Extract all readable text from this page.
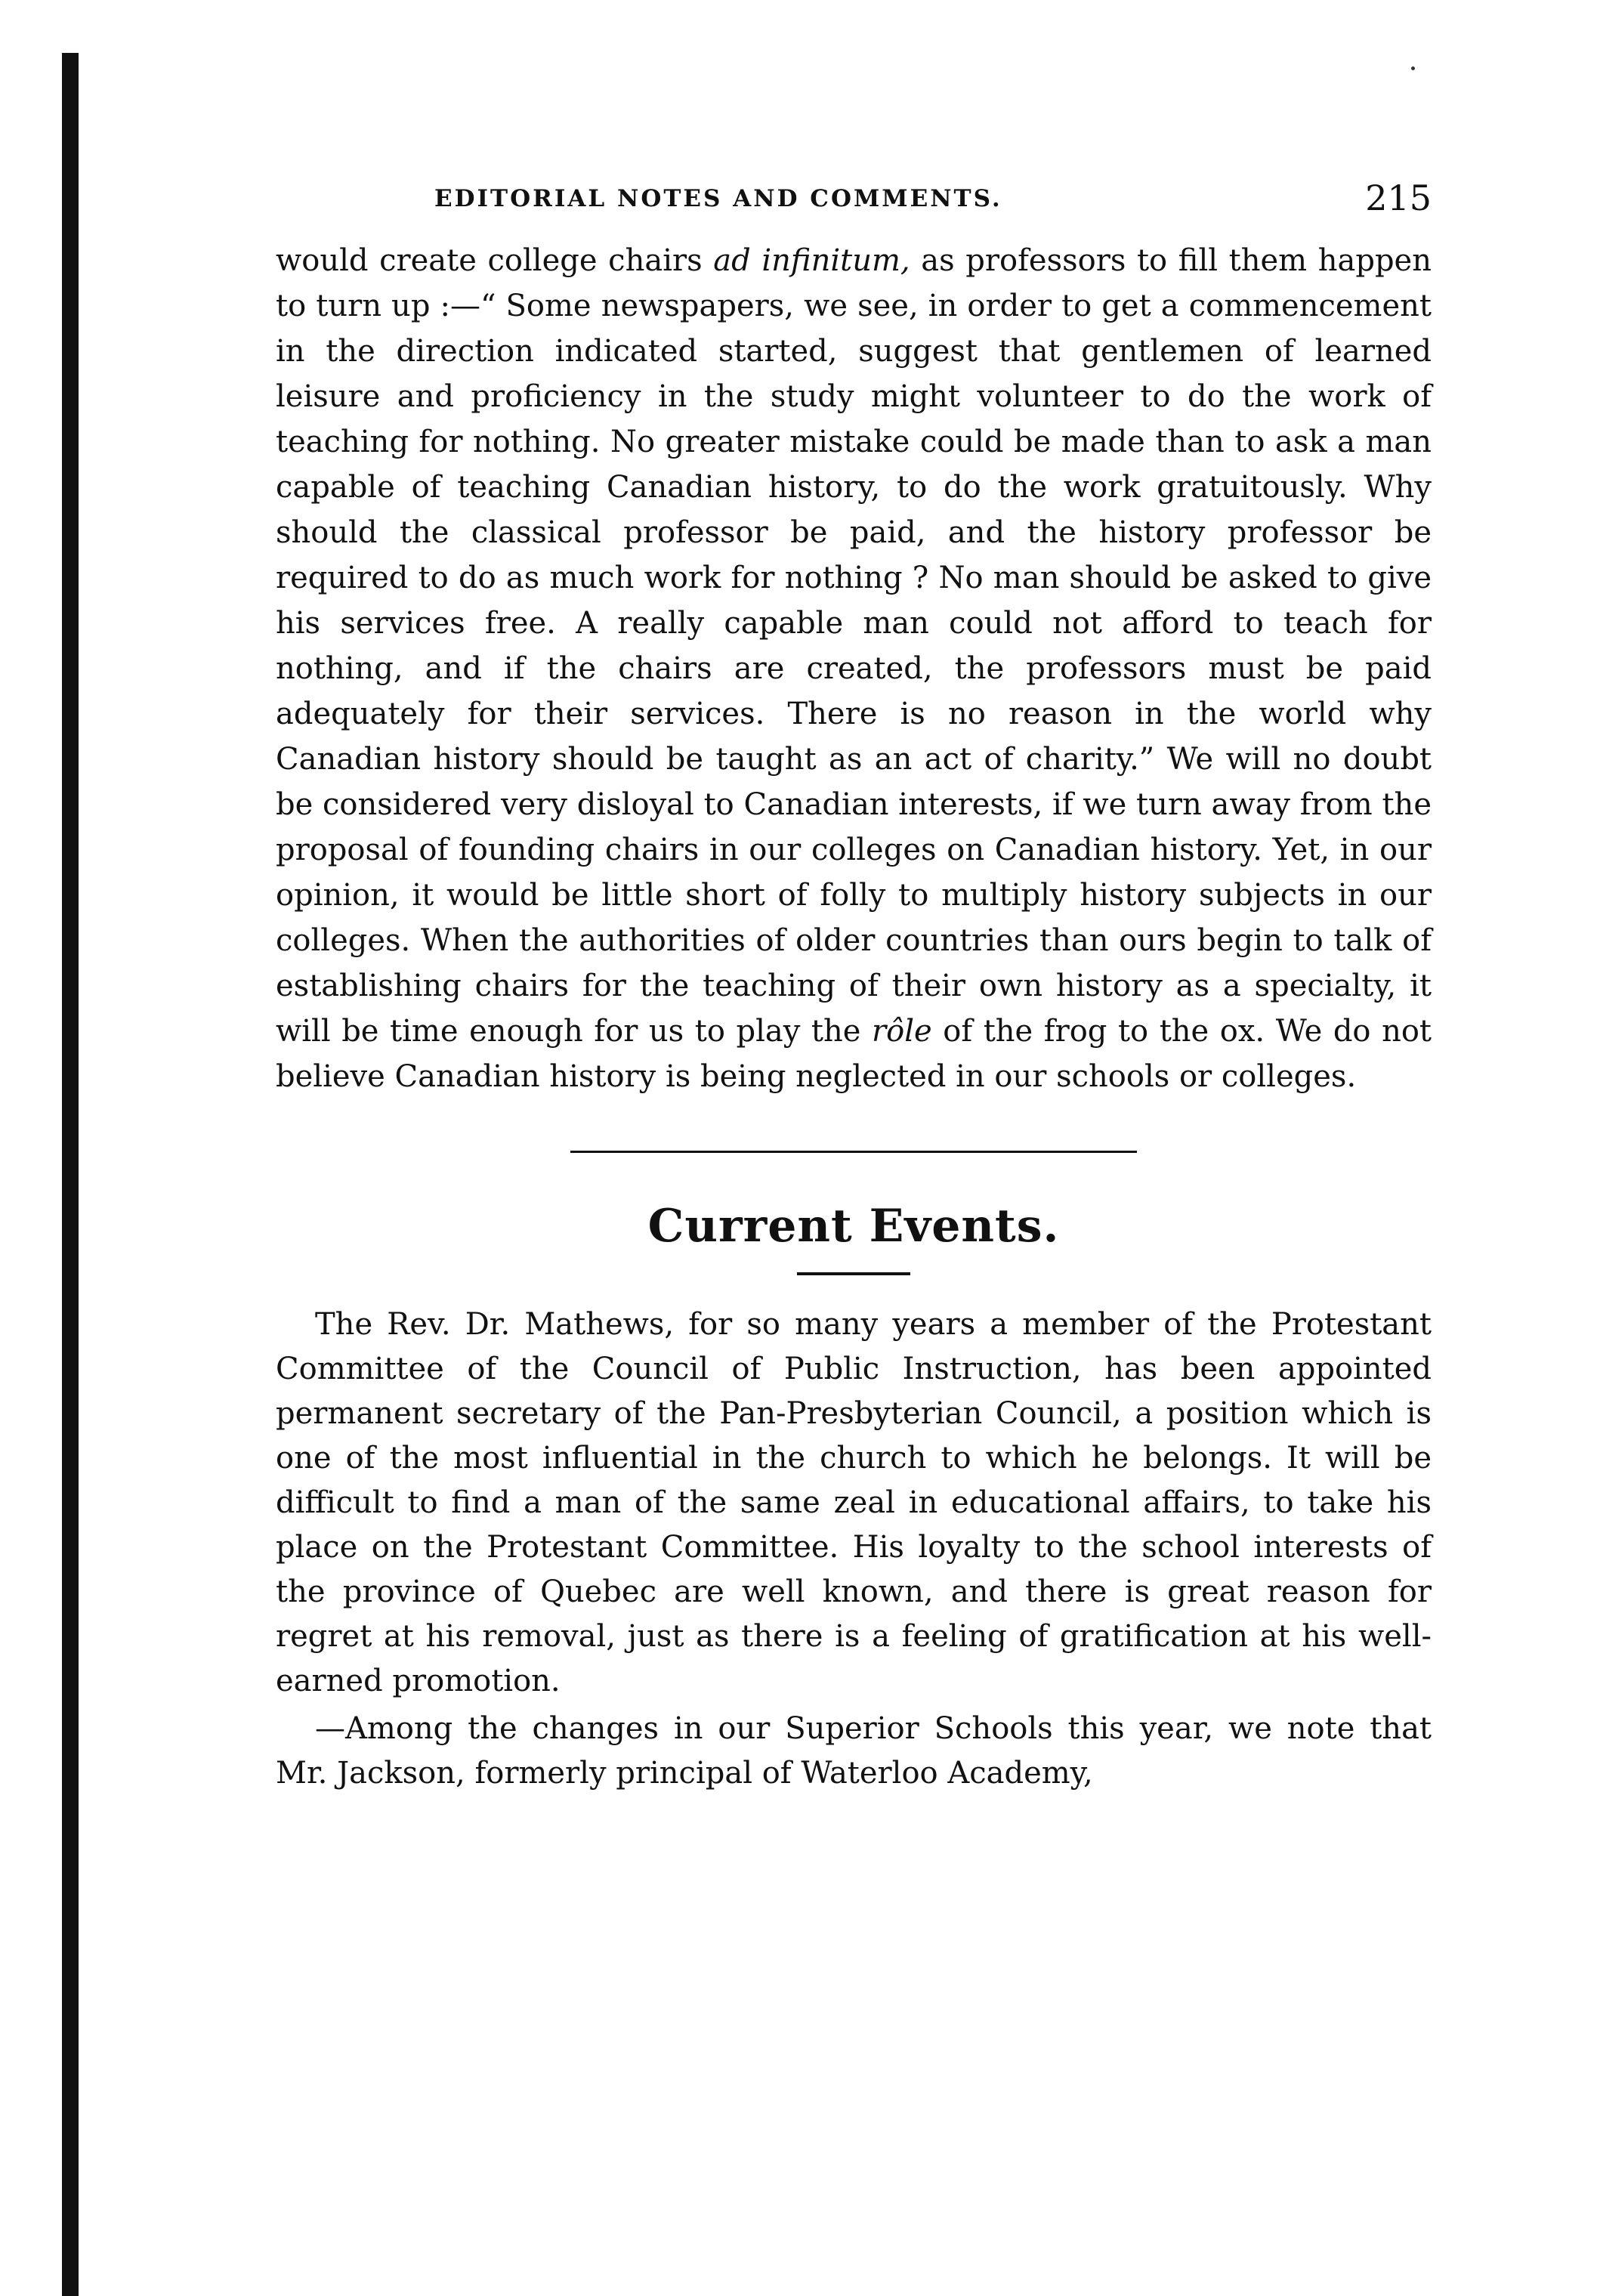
EDITORIAL NOTES AND COMMENTS.	215

would create college chairs ad infinitum, as professors to fill them happen to turn up :—“ Some newspapers, we see, in order to get a commencement in the direction indicated started, suggest that gentlemen of learned leisure and proficiency in the study might volunteer to do the work of teaching for nothing. No greater mistake could be made than to ask a man capable of teaching Canadian history, to do the work gratuitously. Why should the classical professor be paid, and the history professor be required to do as much work for nothing ? No man should be asked to give his services free. A really capable man could not afford to teach for nothing, and if the chairs are created, the professors must be paid adequately for their services. There is no reason in the world why Canadian history should be taught as an act of charity.” We will no doubt be considered very disloyal to Canadian interests, if we turn away from the proposal of founding chairs in our colleges on Canadian history. Yet, in our opinion, it would be little short of folly to multiply history subjects in our colleges. When the authorities of older countries than ours begin to talk of establishing chairs for the teaching of their own history as a specialty, it will be time enough for us to play the rôle of the frog to the ox. We do not believe Canadian history is being neglected in our schools or colleges.

Current Events.

The Rev. Dr. Mathews, for so many years a member of the Protestant Committee of the Council of Public Instruction, has been appointed permanent secretary of the Pan-Presbyterian Council, a position which is one of the most influential in the church to which he belongs. It will be difficult to find a man of the same zeal in educational affairs, to take his place on the Protestant Committee. His loyalty to the school interests of the province of Quebec are well known, and there is great reason for regret at his removal, just as there is a feeling of gratification at his well-earned promotion.

—Among the changes in our Superior Schools this year, we note that Mr. Jackson, formerly principal of Waterloo Academy,
